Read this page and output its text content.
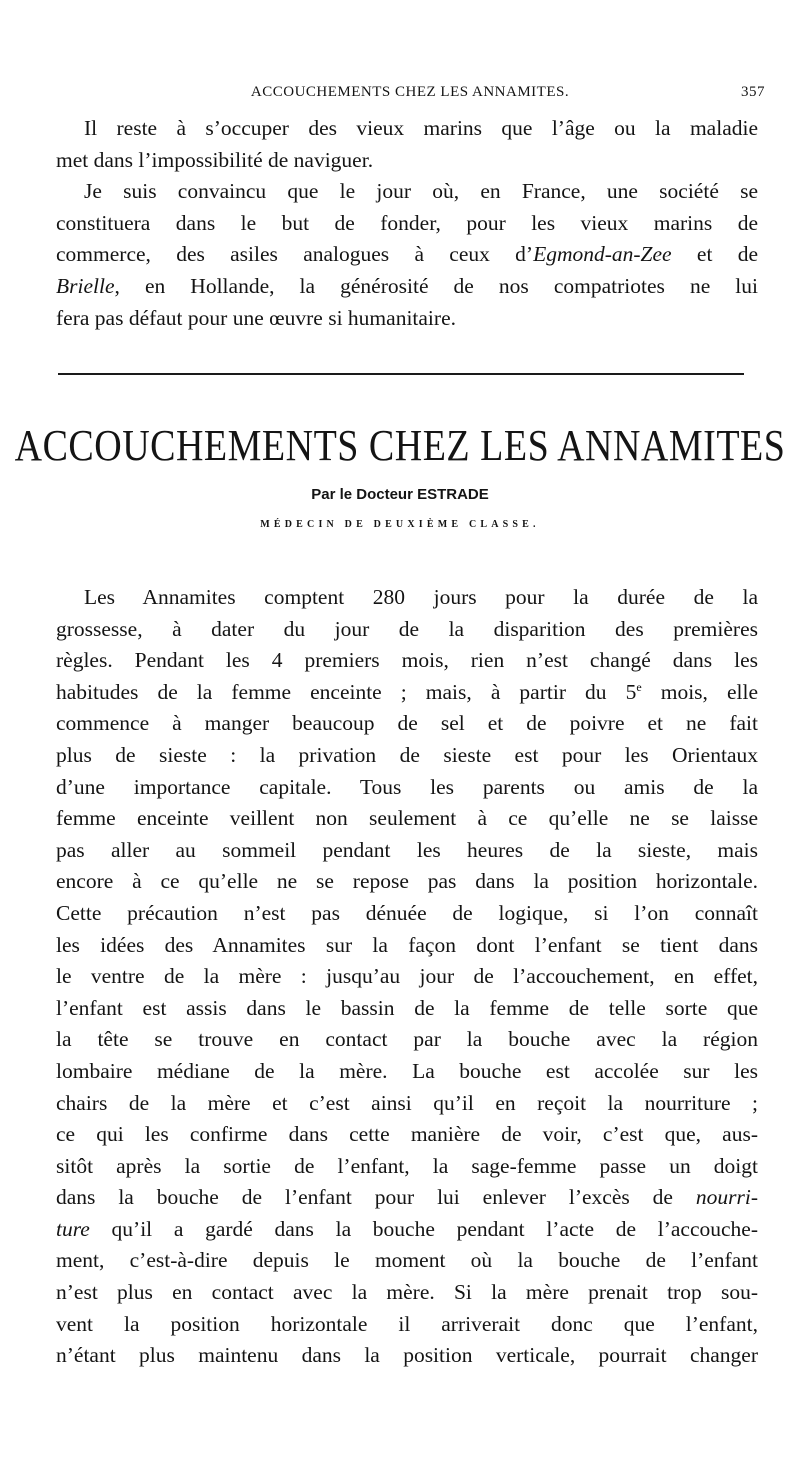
ACCOUCHEMENTS CHEZ LES ANNAMITES.	357
Il reste à s’occuper des vieux marins que l’âge ou la maladie
met dans l’impossibilité de naviguer.
Je suis convaincu que le jour où, en France, une société se
constituera dans le but de fonder, pour les vieux marins de
commerce, des asiles analogues à ceux d’Egmond-an-Zee et de
Brielle, en Hollande, la générosité de nos compatriotes ne lui
fera pas défaut pour une œuvre si humanitaire.
ACCOUCHEMENTS CHEZ LES ANNAMITES
Par le Docteur ESTRADE
MÉDECIN DE DEUXIÈME CLASSE.
Les Annamites comptent 280 jours pour la durée de la
grossesse, à dater du jour de la disparition des premières
règles. Pendant les 4 premiers mois, rien n’est changé dans les
habitudes de la femme enceinte ; mais, à partir du 5e mois, elle
commence à manger beaucoup de sel et de poivre et ne fait
plus de sieste : la privation de sieste est pour les Orientaux
d’une importance capitale. Tous les parents ou amis de la
femme enceinte veillent non seulement à ce qu’elle ne se laisse
pas aller au sommeil pendant les heures de la sieste, mais
encore à ce qu’elle ne se repose pas dans la position horizontale.
Cette précaution n’est pas dénuée de logique, si l’on connaît
les idées des Annamites sur la façon dont l’enfant se tient dans
le ventre de la mère : jusqu’au jour de l’accouchement, en effet,
l’enfant est assis dans le bassin de la femme de telle sorte que
la tête se trouve en contact par la bouche avec la région
lombaire médiane de la mère. La bouche est accolée sur les
chairs de la mère et c’est ainsi qu’il en reçoit la nourriture ;
ce qui les confirme dans cette manière de voir, c’est que, aus-
sitôt après la sortie de l’enfant, la sage-femme passe un doigt
dans la bouche de l’enfant pour lui enlever l’excès de nourri-
ture qu’il a gardé dans la bouche pendant l’acte de l’accouche-
ment, c’est-à-dire depuis le moment où la bouche de l’enfant
n’est plus en contact avec la mère. Si la mère prenait trop sou-
vent la position horizontale il arriverait donc que l’enfant,
n’étant plus maintenu dans la position verticale, pourrait changer
